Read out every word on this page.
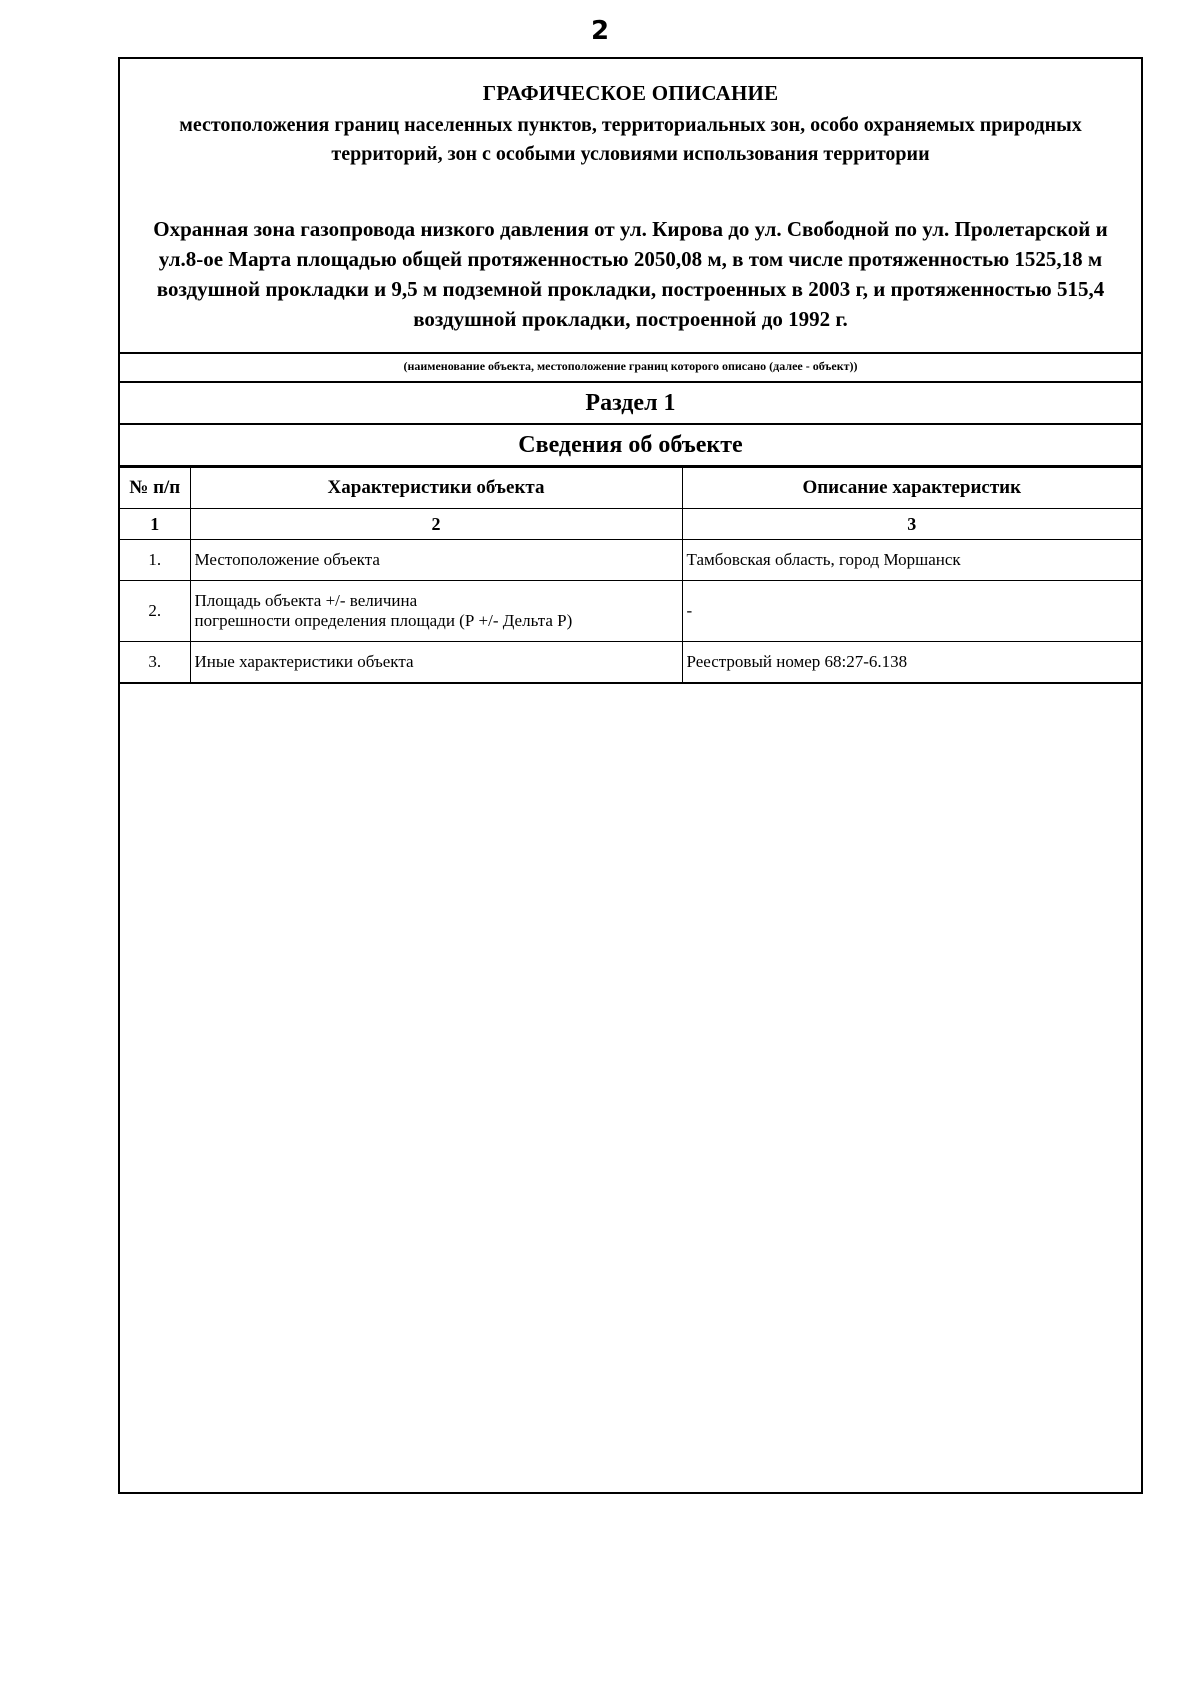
2
ГРАФИЧЕСКОЕ ОПИСАНИЕ
местоположения границ населенных пунктов, территориальных зон, особо охраняемых природных территорий, зон с особыми условиями использования территории
Охранная зона газопровода низкого давления от ул. Кирова до ул. Свободной по ул. Пролетарской и ул.8-ое Марта площадью общей протяженностью 2050,08 м, в том числе протяженностью 1525,18 м воздушной прокладки и 9,5 м подземной прокладки, построенных в 2003 г, и протяженностью 515,4 воздушной прокладки, построенной до 1992 г.
(наименование объекта, местоположение границ которого описано (далее - объект))
Раздел 1
Сведения об объекте
№ п/п	Характеристики объекта	Описание характеристик
1	2	3
1.	Местоположение объекта	Тамбовская область, город Моршанск
2.	Площадь объекта +/- величина
погрешности определения площади (Р +/- Дельта Р)	-
3.	Иные характеристики объекта	Реестровый номер 68:27-6.138
